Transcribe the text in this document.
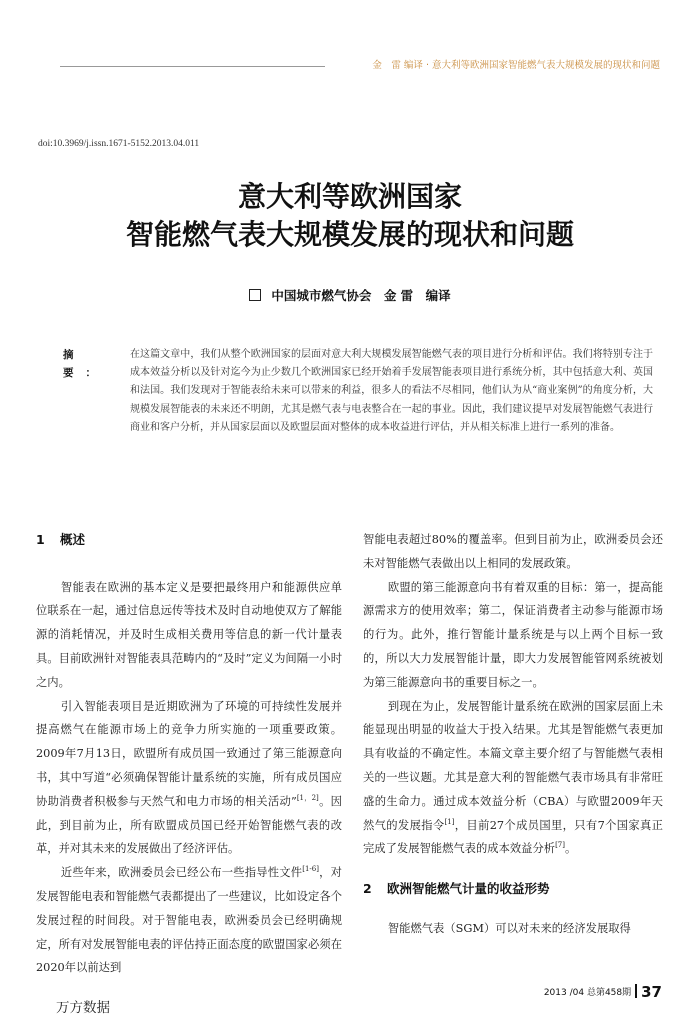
金　雷 编译 · 意大利等欧洲国家智能燃气表大规模发展的现状和问题
doi:10.3969/j.issn.1671-5152.2013.04.011
意大利等欧洲国家
智能燃气表大规模发展的现状和问题
中国城市燃气协会　金 雷　编译
摘　要：
在这篇文章中，我们从整个欧洲国家的层面对意大利大规模发展智能燃气表的项目进行分析和评估。我们将特别专注于成本效益分析以及针对迄今为止少数几个欧洲国家已经开始着手发展智能表项目进行系统分析，其中包括意大利、英国和法国。我们发现对于智能表给未来可以带来的利益，很多人的看法不尽相同，他们认为从“商业案例”的角度分析，大规模发展智能表的未来还不明朗，尤其是燃气表与电表整合在一起的事业。因此，我们建议提早对发展智能燃气表进行商业和客户分析，并从国家层面以及欧盟层面对整体的成本收益进行评估，并从相关标准上进行一系列的准备。
1 概述

智能表在欧洲的基本定义是要把最终用户和能源供应单位联系在一起，通过信息远传等技术及时自动地使双方了解能源的消耗情况，并及时生成相关费用等信息的新一代计量表具。目前欧洲针对智能表具范畴内的“及时”定义为间隔一小时之内。

引入智能表项目是近期欧洲为了环境的可持续性发展并提高燃气在能源市场上的竞争力所实施的一项重要政策。2009年7月13日，欧盟所有成员国一致通过了第三能源意向书，其中写道“必须确保智能计量系统的实施，所有成员国应协助消费者积极参与天然气和电力市场的相关活动”[1，2]。因此，到目前为止，所有欧盟成员国已经开始智能燃气表的改革，并对其未来的发展做出了经济评估。

近些年来，欧洲委员会已经公布一些指导性文件[1-6]，对发展智能电表和智能燃气表都提出了一些建议，比如设定各个发展过程的时间段。对于智能电表，欧洲委员会已经明确规定，所有对发展智能电表的评估持正面态度的欧盟国家必须在2020年以前达到

智能电表超过80%的覆盖率。但到目前为止，欧洲委员会还未对智能燃气表做出以上相同的发展政策。

欧盟的第三能源意向书有着双重的目标：第一，提高能源需求方的使用效率；第二，保证消费者主动参与能源市场的行为。此外，推行智能计量系统是与以上两个目标一致的，所以大力发展智能计量，即大力发展智能管网系统被划为第三能源意向书的重要目标之一。

到现在为止，发展智能计量系统在欧洲的国家层面上未能显现出明显的收益大于投入结果。尤其是智能燃气表更加具有收益的不确定性。本篇文章主要介绍了与智能燃气表相关的一些议题。尤其是意大利的智能燃气表市场具有非常旺盛的生命力。通过成本效益分析（CBA）与欧盟2009年天然气的发展指令[1]，目前27个成员国里，只有7个国家真正完成了发展智能燃气表的成本效益分析[7]。

2 欧洲智能燃气计量的收益形势

智能燃气表（SGM）可以对未来的经济发展取得

2013 /04 总第458期 37
万方数据
